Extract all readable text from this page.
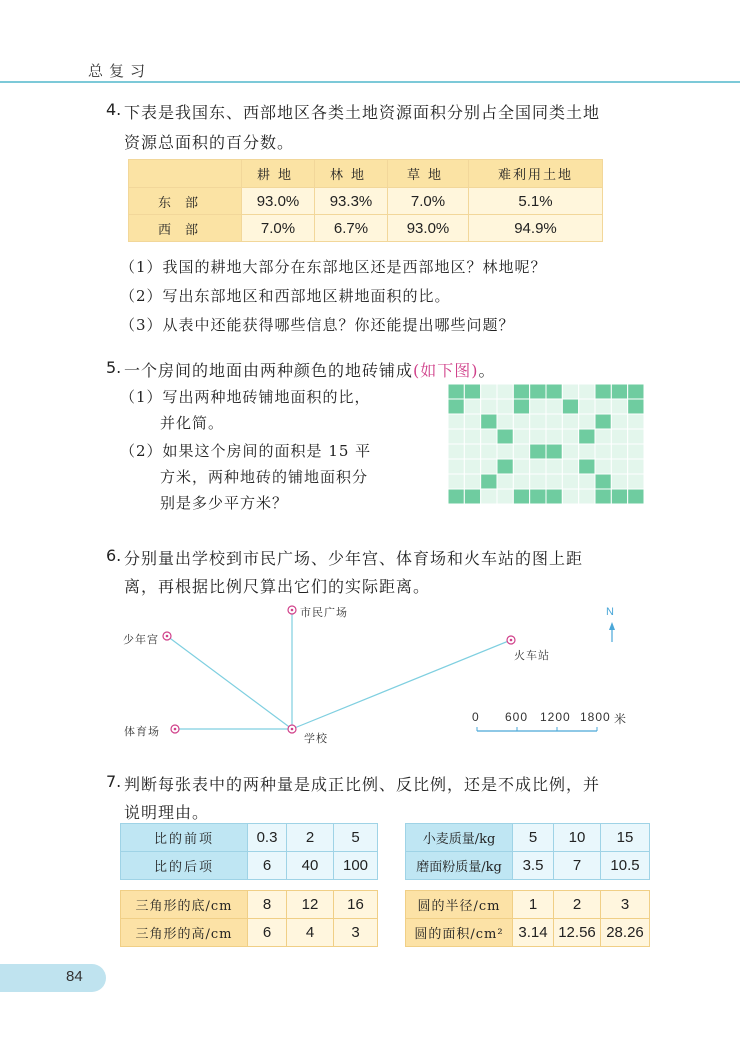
总复习
4. 下表是我国东、西部地区各类土地资源面积分别占全国同类土地
资源总面积的百分数。
	耕地	林地	草地	难利用土地
东部	93.0%	93.3%	7.0%	5.1%
西部	7.0%	6.7%	93.0%	94.9%
（1）我国的耕地大部分在东部地区还是西部地区？林地呢？
（2）写出东部地区和西部地区耕地面积的比。
（3）从表中还能获得哪些信息？你还能提出哪些问题？
5. 一个房间的地面由两种颜色的地砖铺成(如下图)。
（1）写出两种地砖铺地面积的比，
并化简。
（2）如果这个房间的面积是 15 平
方米，两种地砖的铺地面积分
别是多少平方米？
6. 分别量出学校到市民广场、少年宫、体育场和火车站的图上距
离，再根据比例尺算出它们的实际距离。
少年宫
市民广场
体育场
学校
火车站
N
0 600 1200 1800 米
7. 判断每张表中的两种量是成正比例、反比例，还是不成比例，并
说明理由。
比的前项	0.3	2	5
比的后项	6	40	100
小麦质量/kg	5	10	15
磨面粉质量/kg	3.5	7	10.5
三角形的底/cm	8	12	16
三角形的高/cm	6	4	3
圆的半径/cm	1	2	3
圆的面积/cm²	3.14	12.56	28.26
84
